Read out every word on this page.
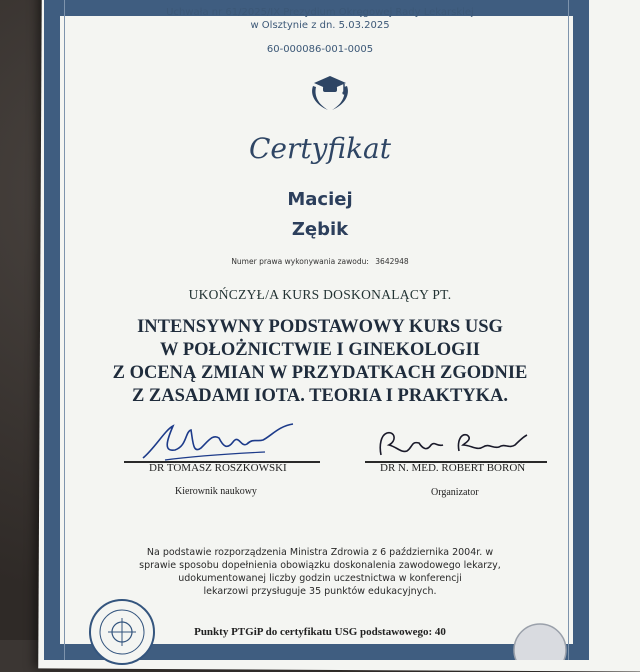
Uchwała nr 61/2025/IX Prezydium Okręgowej Rady Lekarskiej
w Olsztynie z dn. 5.03.2025
60-000086-001-0005
Certyfikat
Maciej
Zębik
Numer prawa wykonywania zawodu: 3642948
UKOŃCZYŁ/A KURS DOSKONALĄCY PT.
INTENSYWNY PODSTAWOWY KURS USG
W POŁOŻNICTWIE I GINEKOLOGII
Z OCENĄ ZMIAN W PRZYDATKACH ZGODNIE
Z ZASADAMI IOTA. TEORIA I PRAKTYKA.
DR TOMASZ ROSZKOWSKI
Kierownik naukowy
DR N. MED. ROBERT BOROŃ
Organizator
Na podstawie rozporządzenia Ministra Zdrowia z 6 października 2004r. w
sprawie sposobu dopełnienia obowiązku doskonalenia zawodowego lekarzy,
udokumentowanej liczby godzin uczestnictwa w konferencji
lekarzowi przysługuje 35 punktów edukacyjnych.
Punkty PTGiP do certyfikatu USG podstawowego: 40
